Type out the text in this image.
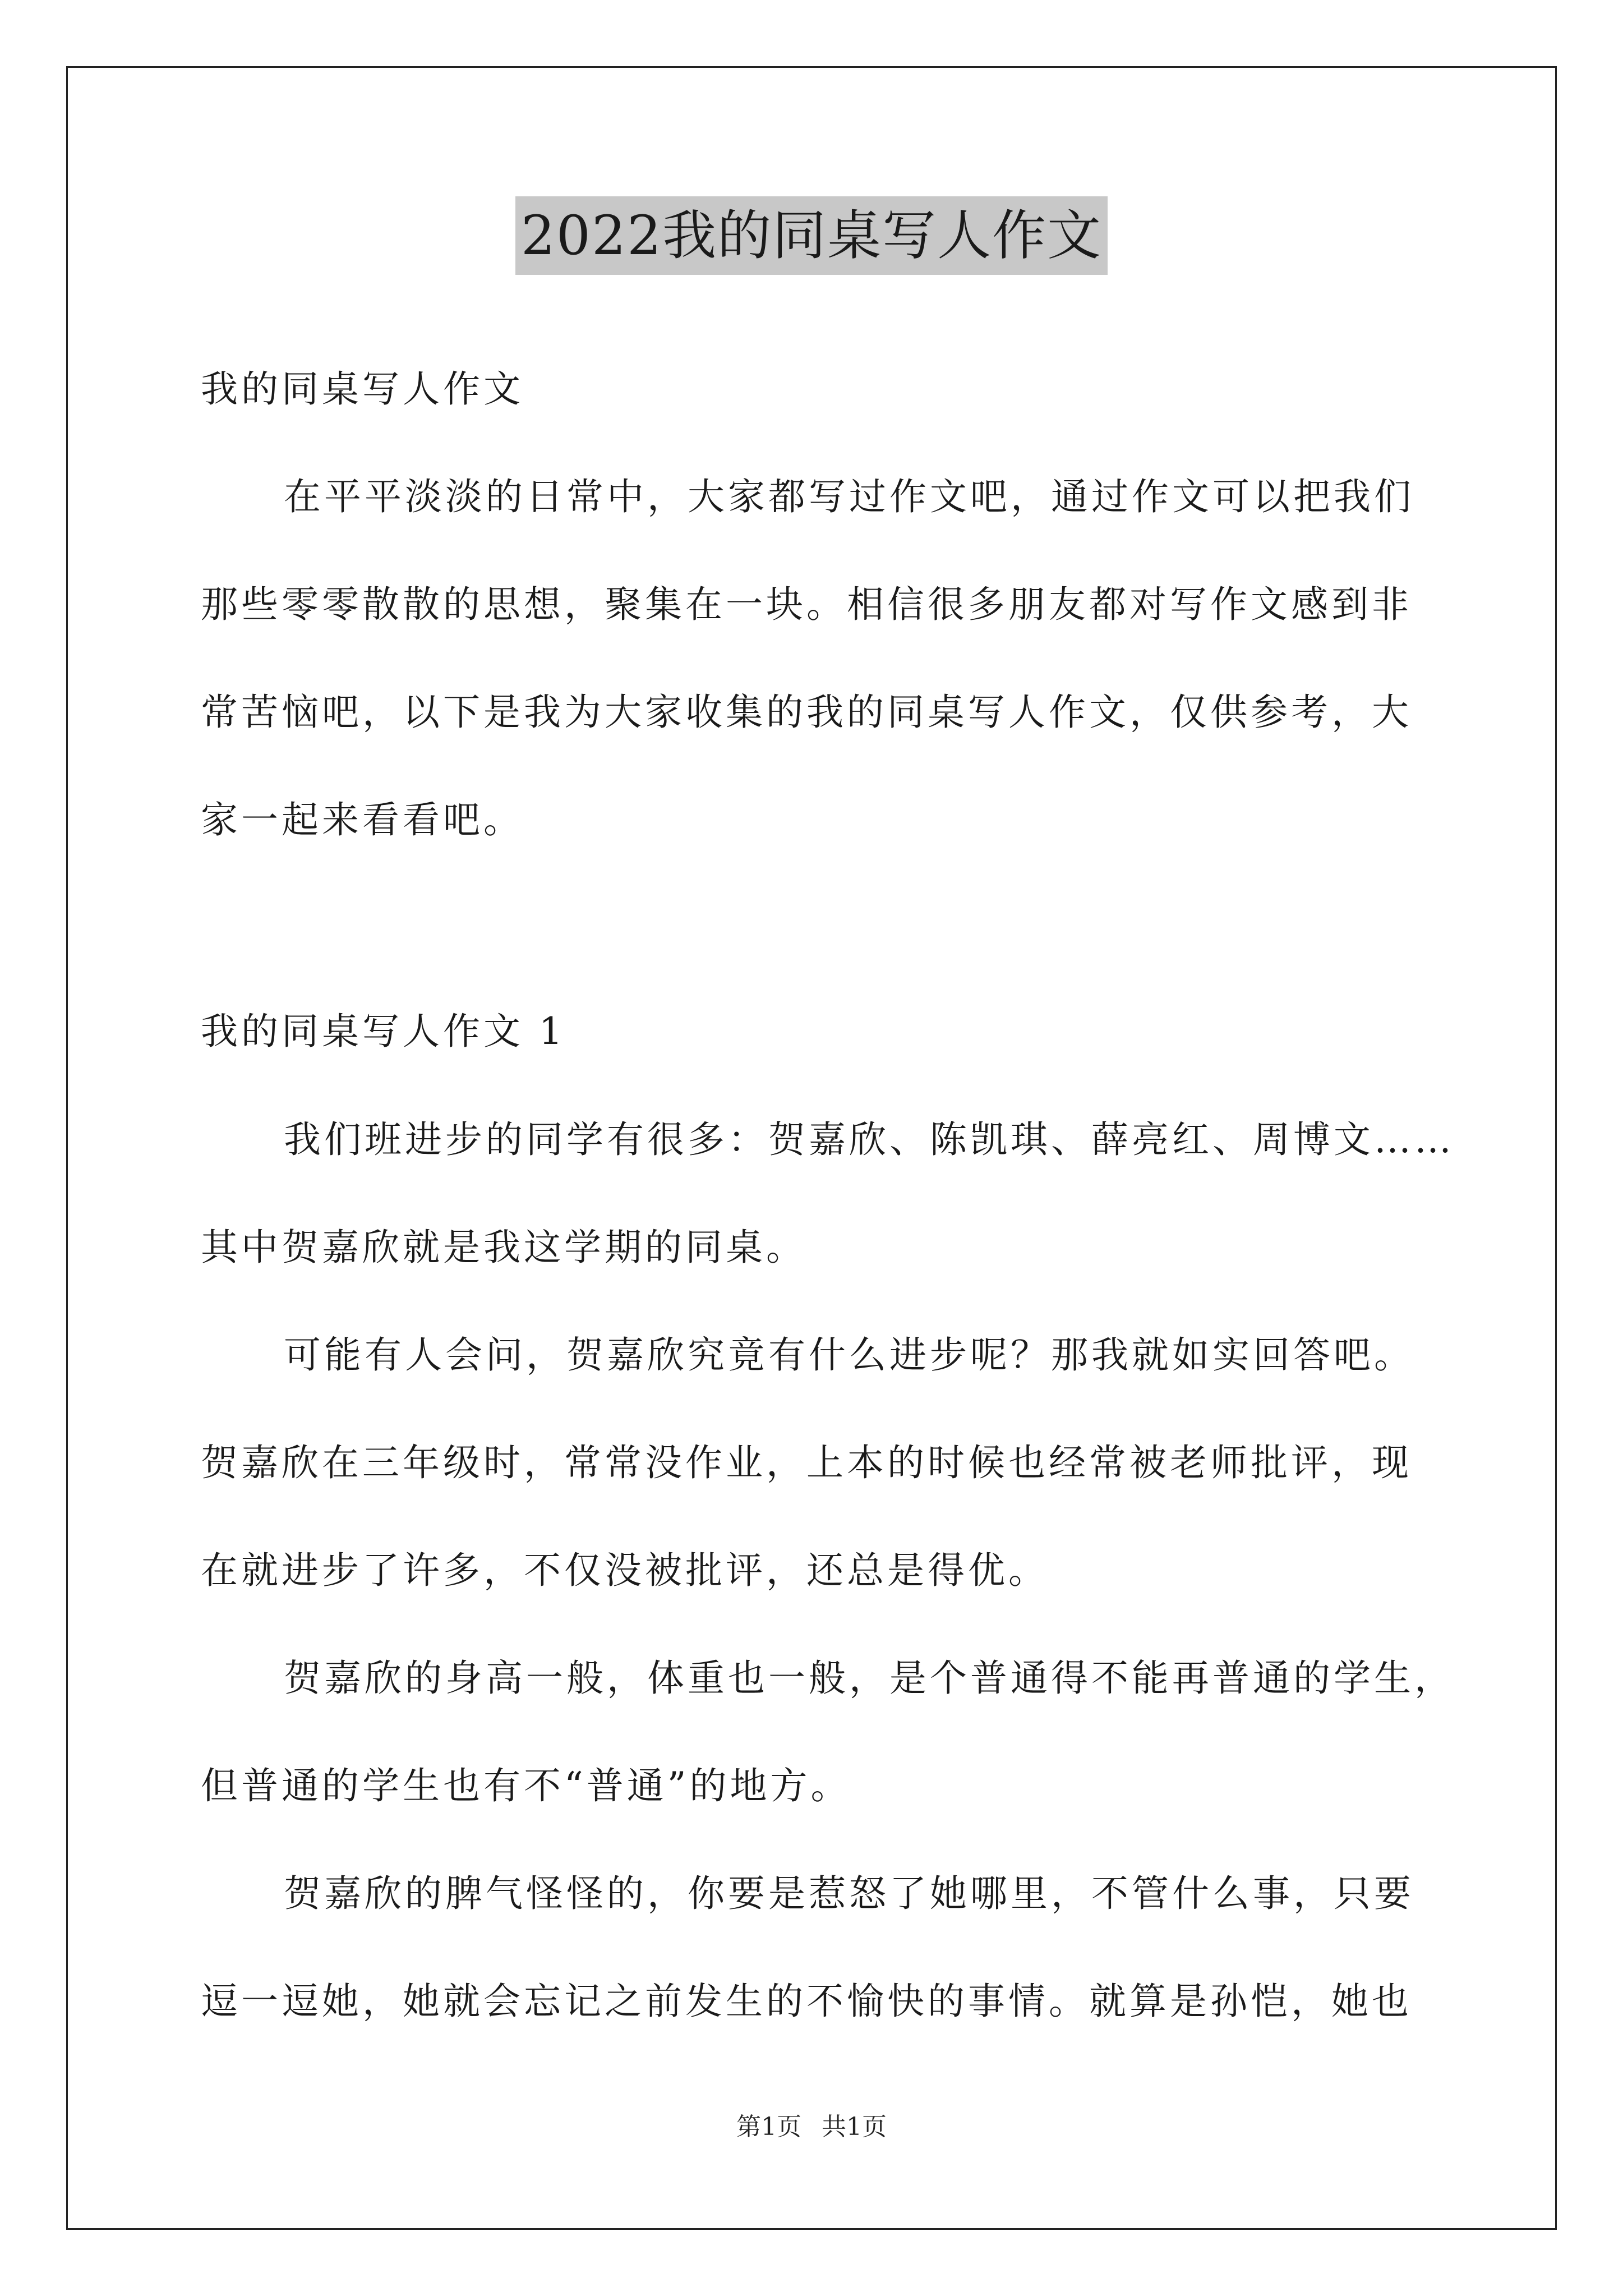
2022我的同桌写人作文
我的同桌写人作文
在平平淡淡的日常中，大家都写过作文吧，通过作文可以把我们
那些零零散散的思想，聚集在一块。相信很多朋友都对写作文感到非
常苦恼吧，以下是我为大家收集的我的同桌写人作文，仅供参考，大
家一起来看看吧。
我的同桌写人作文 1
我们班进步的同学有很多：贺嘉欣、陈凯琪、薛亮红、周博文……
其中贺嘉欣就是我这学期的同桌。
可能有人会问，贺嘉欣究竟有什么进步呢？那我就如实回答吧。
贺嘉欣在三年级时，常常没作业，上本的时候也经常被老师批评，现
在就进步了许多，不仅没被批评，还总是得优。
贺嘉欣的身高一般，体重也一般，是个普通得不能再普通的学生，
但普通的学生也有不“普通”的地方。
贺嘉欣的脾气怪怪的，你要是惹怒了她哪里，不管什么事，只要
逗一逗她，她就会忘记之前发生的不愉快的事情。就算是孙恺，她也
第1页 共1页
